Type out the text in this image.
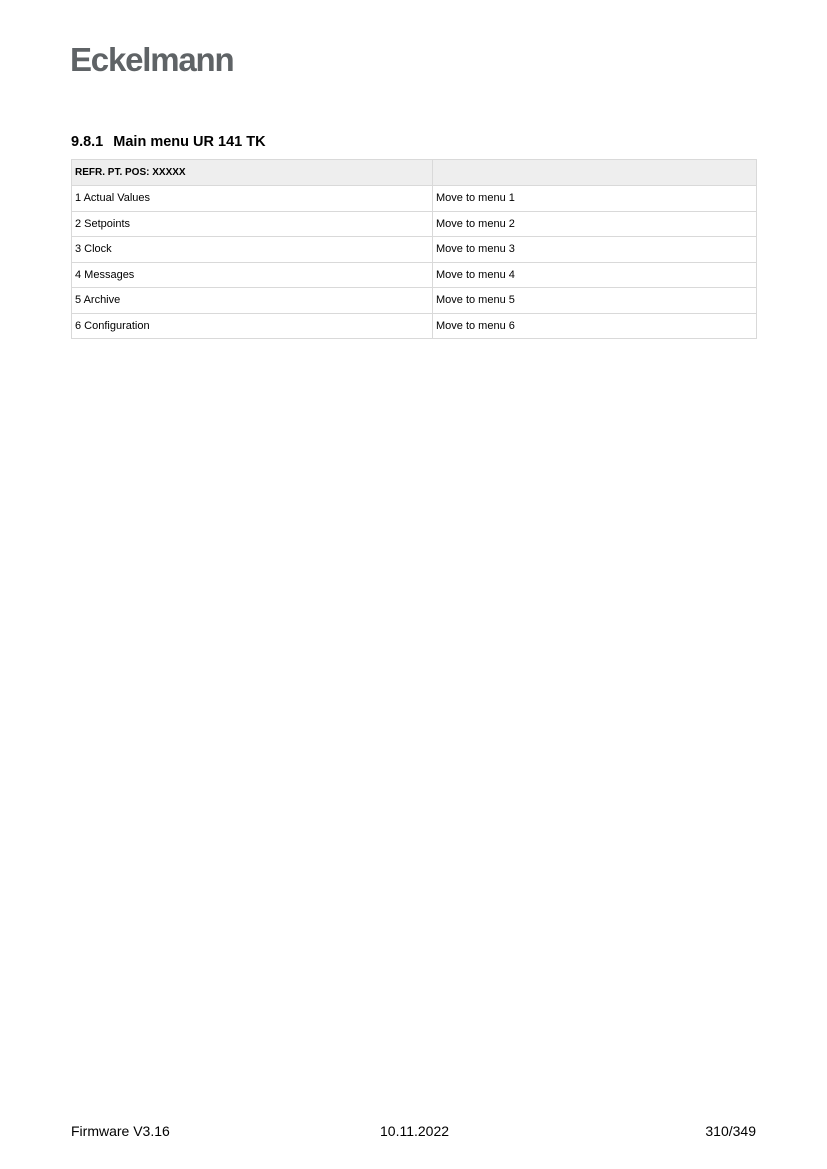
Eckelmann
9.8.1 Main menu UR 141 TK
REFR. PT. POS: XXXXX	
1 Actual Values	Move to menu 1
2 Setpoints	Move to menu 2
3 Clock	Move to menu 3
4 Messages	Move to menu 4
5 Archive	Move to menu 5
6 Configuration	Move to menu 6
Firmware V3.16	10.11.2022	310/349
